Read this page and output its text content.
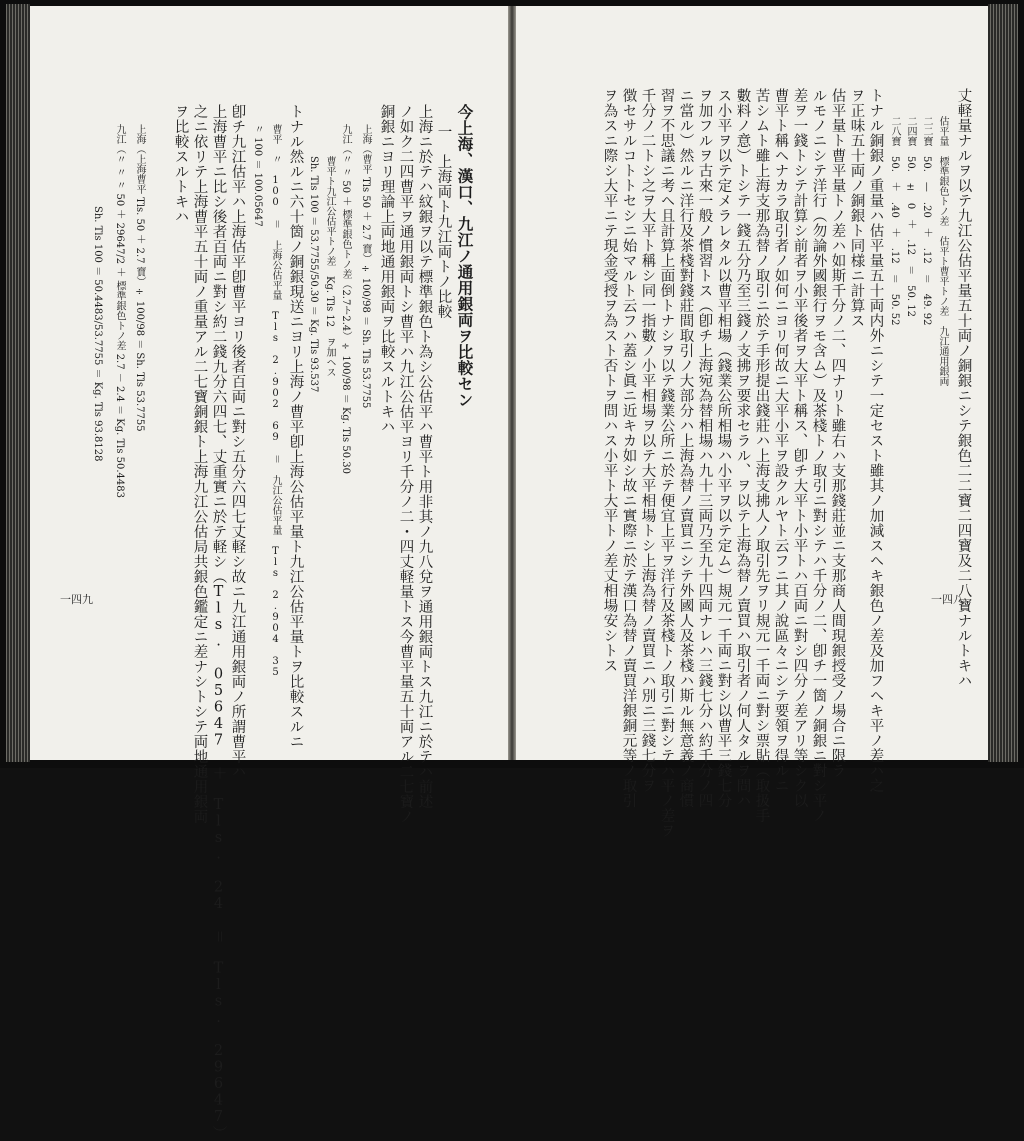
今上海、漢口、九江ノ通用銀両ヲ比較セン
一　上海両ト九江両トノ比較
上海ニ於テハ紋銀ヲ以テ標準銀色ト為シ公估平ハ曹平ト用非其ノ九八兌ヲ通用銀両トス九江ニ於テハ前述
ノ如ク二四曹平ヲ通用銀両トシ曹平ハ九江公估平ヨリ千分ノ二・四丈軽量トス今曹平量五十両アル二七寶ノ
銅銀ニヨリ理論上両地通用銀両ヲ比較スルトキハ
上海（曹平 Tls 50 ＋ 2.7 寶）÷ 100/98 ＝ Sh. Tls 53.7755
九江（〃 〃 50 ＋ 標準銀色トノ差（2.7ト2.4）÷ 100/98 ＝ Kg. Tls 50.30
曹平ト九江公估平トノ差　Kg. Tls 12　ヲ加ヘス
Sh. Tls 100 ＝ 53.7755/50.30 ＝ Kg. Tls 93.537
トナル然ルニ六十箇ノ銅銀現送ニヨリ上海ノ曹平卽上海公估平量ト九江公估平量トヲ比較スルニ
曹平　〃 100 ＝ 上海公估平量 Tls 2.902 69 ＝ 九江公估平量 Tls 2.904 35
〃 100 ＝ 100.05647
卽チ九江估平ハ上海估平卽曹平ヨリ後者百両ニ對シ五分六四七丈軽シ故ニ九江通用銀両ノ所謂曹平ハ
上海曹平ニ比シ後者百両ニ對シ約二錢九分六四七、丈重實ニ於テ軽シ（Tls. 05647 ＋ Tls. 24 ＝ Tls. 29647）
之ニ依リテ上海曹平五十両ノ重量アル二七寶銅銀ト上海九江公估局共銀色鑑定ニ差ナシトシテ両地通用銀両
ヲ比較スルトキハ
上海（上海曹平 Tls. 50 ＋ 2.7 寶）÷ 100/98 ＝ Sh. Tls 53.7755
九江（〃 〃 〃 50 ＋ 29647/2 ＋ 標準銀色トノ差 2.7 － 2.4 ＝ Kg. Tls 50.4483
Sh. Tls 100 ＝ 50.4483/53.7755 ＝ Kg. Tls 93.8128
一四九	丈軽量ナルヲ以テ九江公估平量五十両ノ銅銀ニシテ銀色二二寶二四寶及二八寶ナルトキハ
估平量　標準銀色トノ差　估平ト曹平トノ差　九江通用銀両
二二寶　50.　—　.20　＋　.12　＝　49. 92
二四寶　50.　±　0　＋　.12　＝　50. 12
二八寶　50.　＋　.40　＋　.12　＝　50. 52
トナル銅銀ノ重量ハ估平量五十両内外ニシテ一定セスト雖其ノ加減スヘキ銀色ノ差及加フヘキ平ノ差ハ之
ヲ正味五十両ノ銅銀ト同様ニ計算ス
估平量ト曹平量トノ差ハ如斯千分ノ二、四ナリト雖右ハ支那錢莊並ニ支那商人間現銀授受ノ場合ニ限ラ
ルモノニシテ洋行（勿論外國銀行ヲモ含ム）及茶棧トノ取引ニ對シテハ千分ノ二、卽チ一箇ノ銅銀ニ對シ平ノ
差ヲ一錢トシテ計算シ前者ヲ小平後者ヲ大平ト稱ス、卽チ大平ト小平トハ百両ニ對シ四分ノ差アリ等シク以
曹平ト稱ヘナカラ取引者ノ如何ニヨリ何故ニ大平小平ヲ設クルヤト云フニ其ノ說區々ニシテ要領ヲ得ルニ
苦シムト雖上海支那為替ノ取引ニ於テ手形提出錢莊ハ上海支拂人ノ取引先ヲリ規元一千両ニ對シ票貼（取扱手
數料ノ意）トシテ一錢五分乃至三錢ノ支拂ヲ要求セラル、ヲ以テ上海為替ノ賣買ハ取引者ノ何人タルヲ問ハ
ス小平ヲ以テ定メラレタル以曹平相場（錢業公所相場ハ小平ヲ以テ定ム）規元一千両ニ對シ以曹平三錢七分
ヲ加フルヲ古來一般ノ慣習トス（卽チ上海宛為替相場ハ九十三両乃至九十四両ナレハ三錢七分ハ約千分ノ四
ニ當ル）然ルニ洋行及茶棧對錢莊間取引ノ大部分ハ上海為替ノ賣買ニシテ外國人及茶棧ハ斯ル無意義ノ商慣
習ヲ不思議ニ考ヘ且計算上面倒トナシヲ以テ錢業公所ニ於テ便宜上平ヲ洋行及茶棧トノ取引ニ對シテハ平ノ差ヲ
千分ノ二トシ之ヲ大平ト稱シ同一指數ノ小平相場ヲ以テ大平相場トシ上海為替ノ賣買ニハ別ニ三錢七分ヲ
徴セサルコトトセシニ始マルト云フハ蓋シ眞ニ近キカ如シ故ニ實際ニ於テ漢口為替ノ賣買洋銀銅元等ノ取引
ヲ為スニ際シ大平ニテ現金受授ヲ為スト否トヲ問ハス小平ト大平トノ差丈相場安シトス	一四八
